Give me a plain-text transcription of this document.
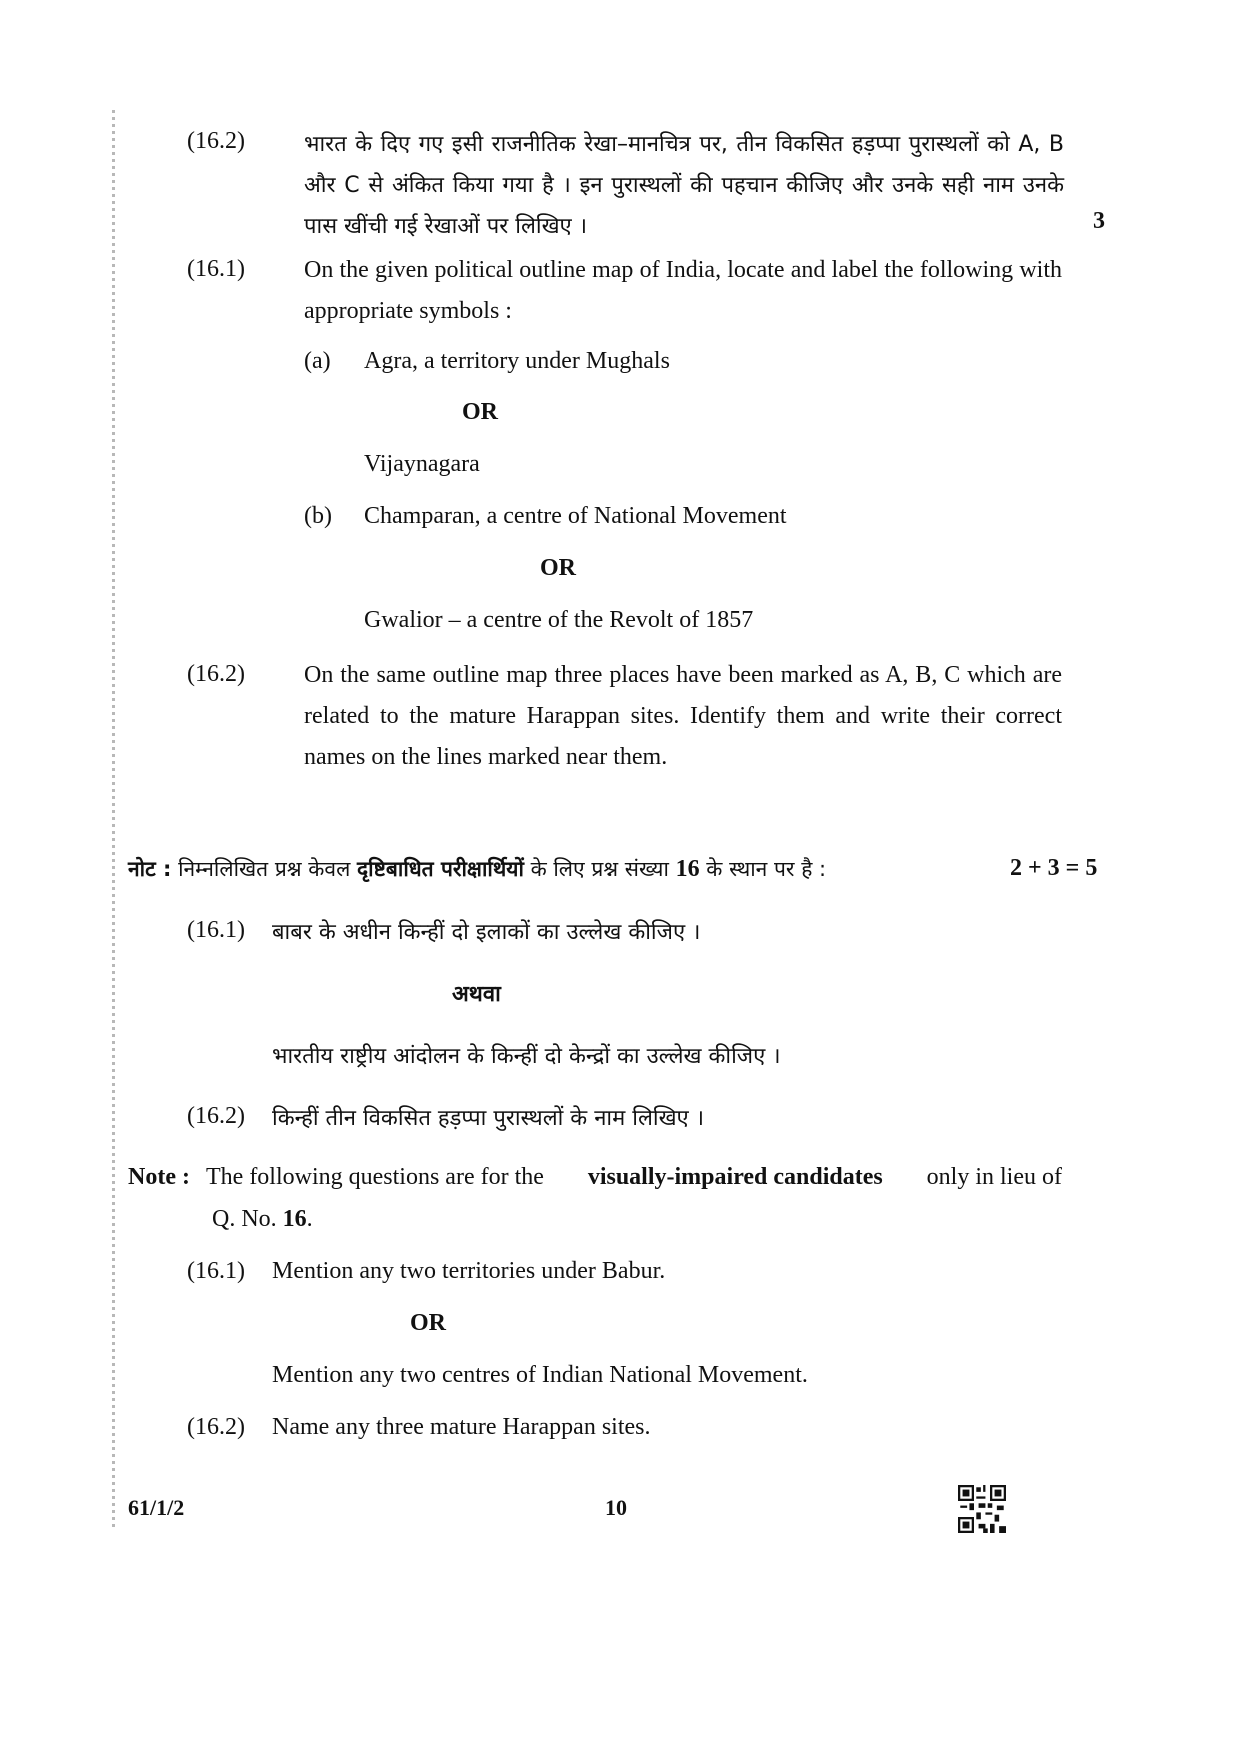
(16.2)	भारत के दिए गए इसी राजनीतिक रेखा–मानचित्र पर, तीन विकसित हड़प्पा पुरास्थलों को A, B और C से अंकित किया गया है । इन पुरास्थलों की पहचान कीजिए और उनके सही नाम उनके पास खींची गई रेखाओं पर लिखिए ।	3
(16.1) On the given political outline map of India, locate and label the following with appropriate symbols :
(a) Agra, a territory under Mughals
OR
Vijaynagara
(b) Champaran, a centre of National Movement
OR
Gwalior – a centre of the Revolt of 1857
(16.2) On the same outline map three places have been marked as A, B, C which are related to the mature Harappan sites. Identify them and write their correct names on the lines marked near them.
नोट : निम्नलिखित प्रश्न केवल दृष्टिबाधित परीक्षार्थियों के लिए प्रश्न संख्या 16 के स्थान पर है :	2 + 3 = 5
(16.1) बाबर के अधीन किन्हीं दो इलाकों का उल्लेख कीजिए ।
अथवा
भारतीय राष्ट्रीय आंदोलन के किन्हीं दो केन्द्रों का उल्लेख कीजिए ।
(16.2) किन्हीं तीन विकसित हड़प्पा पुरास्थलों के नाम लिखिए ।
Note : The following questions are for the visually-impaired candidates only in lieu of
Q. No. 16.
(16.1) Mention any two territories under Babur.
OR
Mention any two centres of Indian National Movement.
(16.2) Name any three mature Harappan sites.
61/1/2	10
